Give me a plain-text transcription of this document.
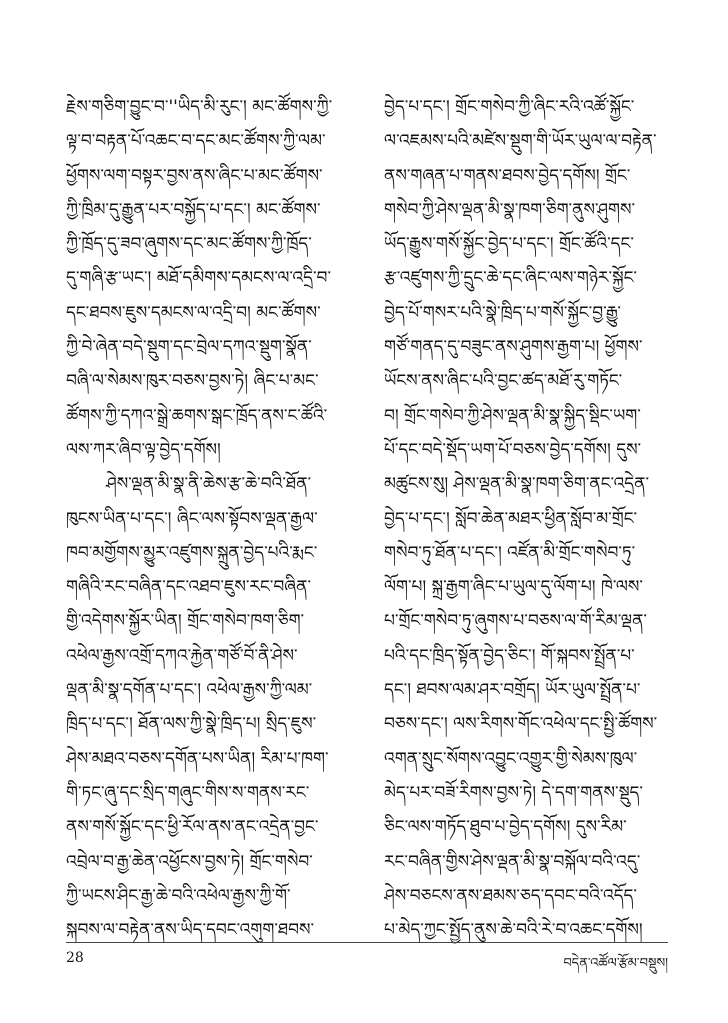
རྗེས་གཅིག་བྱུང་བ་''ཡིད་མི་རུང་། མང་ཚོགས་ཀྱི་
ལྟ་བ་བརྟན་པོ་འཆང་བ་དང་མང་ཚོགས་ཀྱི་ལམ་
ཕྱོགས་ལག་བསྟར་བྱས་ནས་ཞིང་པ་མང་ཚོགས་
ཀྱི་ཁྲིམ་དུ་རྒྱུན་པར་བསྐྱོད་པ་དང་། མང་ཚོགས་
ཀྱི་ཁྲོད་དུ་ཟབ་ཞུགས་དང་མང་ཚོགས་ཀྱི་ཁྲོད་
དུ་གཞི་རྩ་ཡང་། མཐོ་དམིགས་དམངས་ལ་འདྲི་བ་
དང་ཐབས་ཇུས་དམངས་ལ་འདྲི་བ། མང་ཚོགས་
ཀྱི་བེ་ཞེན་བདེ་སྡུག་དང་བྲེལ་དཀའ་སྡུག་སྣོན་
བཞི་ལ་སེམས་ཁུར་བཅས་བྱས་ཏེ། ཞིང་པ་མང་
ཚོགས་ཀྱི་དཀའ་སྒྲེ་ཆགས་སྒང་ཁྲོད་ནས་ང་ཚོའི་
ལས་ཀར་ཞིབ་ལྟ་བྱེད་དགོས།
ཤེས་ལྡན་མི་སྣ་ནི་ཆེས་རྩ་ཆེ་བའི་ཐོན་
ཁུངས་ཡིན་པ་དང་། ཞིང་ལས་སྟོབས་ལྡན་རྒྱལ་
ཁབ་མགྱོགས་མྱུར་འཛུགས་སྐྲུན་བྱེད་པའི་རྨང་
གཞིའི་རང་བཞིན་དང་འཐབ་ཇུས་རང་བཞིན་
གྱི་འདེགས་སྐྱོར་ཡིན། གྲོང་གསེབ་ཁག་ཅིག་
འཕེལ་རྒྱས་འགྲོ་དཀའ་རྐྱེན་གཙོ་བོ་ནི་ཤེས་
ལྡན་མི་སྣ་དགོན་པ་དང་། འཕེལ་རྒྱས་ཀྱི་ལམ་
ཁྲིད་པ་དང་། ཐོན་ལས་ཀྱི་སྣེ་ཁྲིད་པ། སྲིད་ཇུས་
ཤེས་མཐའ་བཅས་དགོན་པས་ཡིན། རིམ་པ་ཁག་
གི་ཏང་ཞུ་དང་སྲིད་གཞུང་གིས་ས་གནས་རང་
ནས་གསོ་སྐྱོང་དང་ཕྱི་རོལ་ནས་ནང་འདྲེན་བྱང་
འབྲེལ་བ་རྒྱ་ཆེན་འཕྱོངས་བྱས་ཏེ། གྲོང་གསེབ་
ཀྱི་ཡངས་ཤིང་རྒྱ་ཆེ་བའི་འཕེལ་རྒྱས་ཀྱི་གོ་
སྐབས་ལ་བརྟེན་ནས་ཡིད་དབང་འགུག་ཐབས་
བྱེད་པ་དང་། གྲོང་གསེབ་ཀྱི་ཞིང་རའི་འཚོ་སྐྱོང་
ལ་འཇམས་པའི་མཛེས་སྡུག་གི་ཡོར་ཡུལ་ལ་བརྟེན་
ནས་གཞན་པ་གནས་ཐབས་བྱེད་དགོས། གྲོང་
གསེབ་ཀྱི་ཤེས་ལྡན་མི་སྣ་ཁག་ཅིག་ནུས་ཤུགས་
ཡོད་རྒྱུས་གསོ་སྐྱོང་བྱེད་པ་དང་། གྲོང་ཚོའི་དང་
རྩ་འཛུགས་ཀྱི་དྲུང་ཆེ་དང་ཞིང་ལས་གཉེར་སྐྱོང་
བྱེད་པོ་གསར་པའི་སྣེ་ཁྲིད་པ་གསོ་སྐྱོང་བྱ་རྒྱུ་
གཙོ་གནད་དུ་བཟུང་ནས་ཤུགས་རྒྱག་པ། ཕྱོགས་
ཡོངས་ནས་ཞིང་པའི་བྱང་ཚད་མཐོ་རུ་གཏོང་
བ། གྲོང་གསེབ་ཀྱི་ཤེས་ལྡན་མི་སྣ་སྐྱིད་སྡིང་ཡག་
པོ་དང་བདེ་སྡོད་ཡག་པོ་བཅས་བྱེད་དགོས། དུས་
མཚུངས་སུ། ཤེས་ལྡན་མི་སྣ་ཁག་ཅིག་ནང་འདྲེན་
བྱེད་པ་དང་། སློབ་ཆེན་མཐར་ཕྱིན་སློབ་མ་གྲོང་
གསེབ་ཏུ་ཐོན་པ་དང་། འཛོན་མི་གྲོང་གསེབ་ཏུ་
ལོག་པ། སྐྲ་རྒྱག་ཞིང་པ་ཡུལ་དུ་ལོག་པ། ཁེ་ལས་
པ་གྲོང་གསེབ་ཏུ་ཞུགས་པ་བཅས་ལ་གོ་རིམ་ལྡན་
པའི་དང་ཁྲིད་སྟོན་བྱེད་ཅིང་། གོ་སྐབས་སྤྲོན་པ་
དང་། ཐབས་ལམ་ཤར་བགྲོད། ཡོར་ཡུལ་སྤྲོན་པ་
བཅས་དང་། ལས་རིགས་གོང་འཕེལ་དང་སྤྱི་ཚོགས་
འགན་སྲུང་སོགས་འབྱུང་འགྱུར་གྱི་སེམས་ཁུལ་
མེད་པར་བཟོ་རིགས་བྱས་ཏེ། དེ་དག་གནས་སྡུད་
ཅིང་ལས་གཏོད་ཐུབ་པ་བྱེད་དགོས། དུས་རིམ་
རང་བཞིན་གྱིས་ཤེས་ལྡན་མི་སྣ་བསྐོལ་བའི་འདུ་
ཤེས་བཅངས་ནས་ཐམས་ཅད་དབང་བའི་འདོད་
པ་མེད་ཀྱང་སྤྱོད་ནུས་ཆེ་བའི་རེ་བ་འཆང་དགོས།
28	བདེན་འཚོལ་རྩོམ་བསྡུས།
